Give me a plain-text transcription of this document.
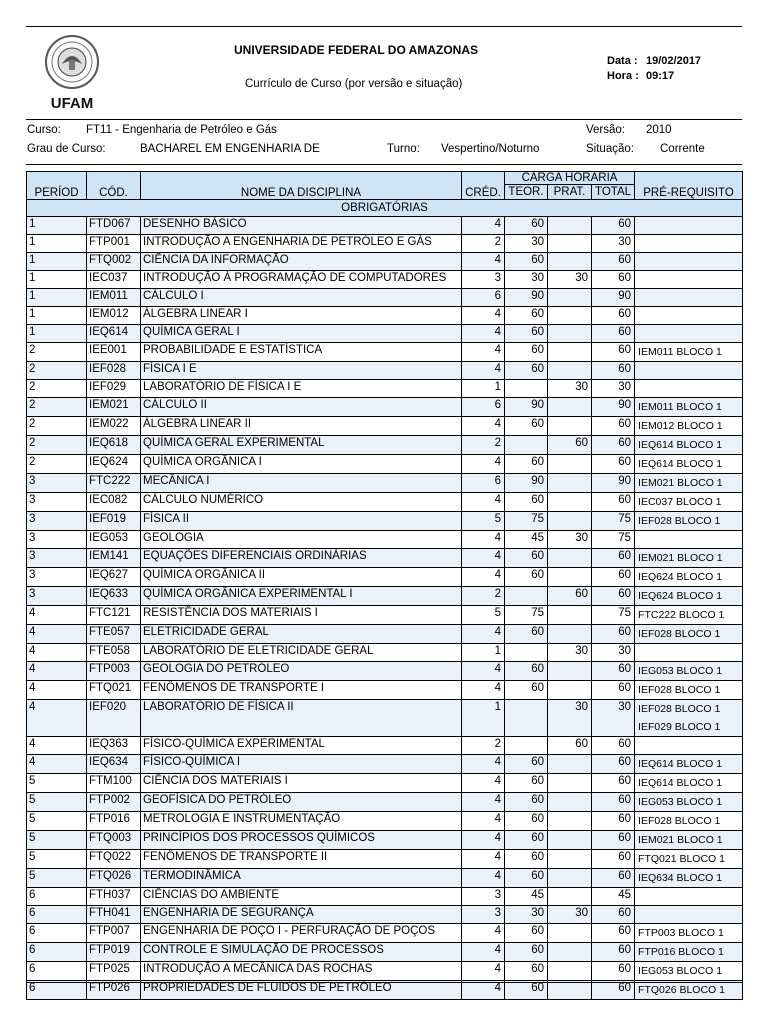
UFAM
UNIVERSIDADE FEDERAL DO AMAZONAS
Currículo de Curso (por versão e situação)
Data : 19/02/2017
Hora : 09:17
Curso: FT11 - Engenharia de Petróleo e Gás	Versão: 2010
Grau de Curso:	BACHAREL EM ENGENHARIA DE	Turno: Vespertino/Noturno	Situação: Corrente
PERÍOD	CÓD.	NOME DA DISCIPLINA	CRÉD.	CARGA HORÁRIA			PRÉ-REQUISITO
				TEOR.	PRAT.	TOTAL	
OBRIGATÓRIAS							
1	FTD067	DESENHO BÁSICO	4	60		60	
1	FTP001	INTRODUÇÃO A ENGENHARIA DE PETRÓLEO E GÁS	2	30		30	
1	FTQ002	CIÊNCIA DA INFORMAÇÃO	4	60		60	
1	IEC037	INTRODUÇÃO À PROGRAMAÇÃO DE COMPUTADORES	3	30	30	60	
1	IEM011	CÁLCULO I	6	90		90	
1	IEM012	ÁLGEBRA LINEAR I	4	60		60	
1	IEQ614	QUÍMICA GERAL I	4	60		60	
2	IEE001	PROBABILIDADE E ESTATÍSTICA	4	60		60	IEM011 BLOCO 1

2	IEF028	FÍSICA I E	4	60		60	
2	IEF029	LABORATÓRIO DE FÍSICA I E	1		30	30	
2	IEM021	CÁLCULO II	6	90		90	IEM011 BLOCO 1

2	IEM022	ÁLGEBRA LINEAR II	4	60		60	IEM012 BLOCO 1

2	IEQ618	QUÍMICA GERAL EXPERIMENTAL	2		60	60	IEQ614 BLOCO 1

2	IEQ624	QUÍMICA ORGÂNICA I	4	60		60	IEQ614 BLOCO 1

3	FTC222	MECÂNICA I	6	90		90	IEM021 BLOCO 1

3	IEC082	CÁLCULO NUMÉRICO	4	60		60	IEC037 BLOCO 1

3	IEF019	FÍSICA II	5	75		75	IEF028 BLOCO 1

3	IEG053	GEOLOGIA	4	45	30	75	
3	IEM141	EQUAÇÕES DIFERENCIAIS ORDINÁRIAS	4	60		60	IEM021 BLOCO 1

3	IEQ627	QUÍMICA ORGÂNICA II	4	60		60	IEQ624 BLOCO 1

3	IEQ633	QUÍMICA ORGÂNICA EXPERIMENTAL I	2		60	60	IEQ624 BLOCO 1

4	FTC121	RESISTÊNCIA DOS MATERIAIS I	5	75		75	FTC222 BLOCO 1

4	FTE057	ELETRICIDADE GERAL	4	60		60	IEF028 BLOCO 1

4	FTE058	LABORATÓRIO DE ELETRICIDADE GERAL	1		30	30	
4	FTP003	GEOLOGIA DO PETRÓLEO	4	60		60	IEG053 BLOCO 1

4	FTQ021	FENÔMENOS DE TRANSPORTE I	4	60		60	IEF028 BLOCO 1

4	IEF020	LABORATÓRIO DE FÍSICA II	1		30	30	IEF028 BLOCO 1
IEF029 BLOCO 1

4	IEQ363	FÍSICO-QUÍMICA EXPERIMENTAL	2		60	60	
4	IEQ634	FÍSICO-QUÍMICA I	4	60		60	IEQ614 BLOCO 1

5	FTM100	CIÊNCIA DOS MATERIAIS I	4	60		60	IEQ614 BLOCO 1

5	FTP002	GEOFÍSICA DO PETRÓLEO	4	60		60	IEG053 BLOCO 1

5	FTP016	METROLOGIA E INSTRUMENTAÇÃO	4	60		60	IEF028 BLOCO 1

5	FTQ003	PRINCÍPIOS DOS PROCESSOS QUÍMICOS	4	60		60	IEM021 BLOCO 1

5	FTQ022	FENÔMENOS DE TRANSPORTE II	4	60		60	FTQ021 BLOCO 1

5	FTQ026	TERMODINÂMICA	4	60		60	IEQ634 BLOCO 1

6	FTH037	CIÊNCIAS DO AMBIENTE	3	45		45	
6	FTH041	ENGENHARIA DE SEGURANÇA	3	30	30	60	
6	FTP007	ENGENHARIA DE POÇO I - PERFURAÇÃO DE POÇOS	4	60		60	FTP003 BLOCO 1

6	FTP019	CONTROLE E SIMULAÇÃO DE PROCESSOS	4	60		60	FTP016 BLOCO 1

6	FTP025	INTRODUÇÃO A MECÂNICA DAS ROCHAS	4	60		60	IEG053 BLOCO 1

6	FTP026	PROPRIEDADES DE FLUIDOS DE PETRÓLEO	4	60		60	FTQ026 BLOCO 1
